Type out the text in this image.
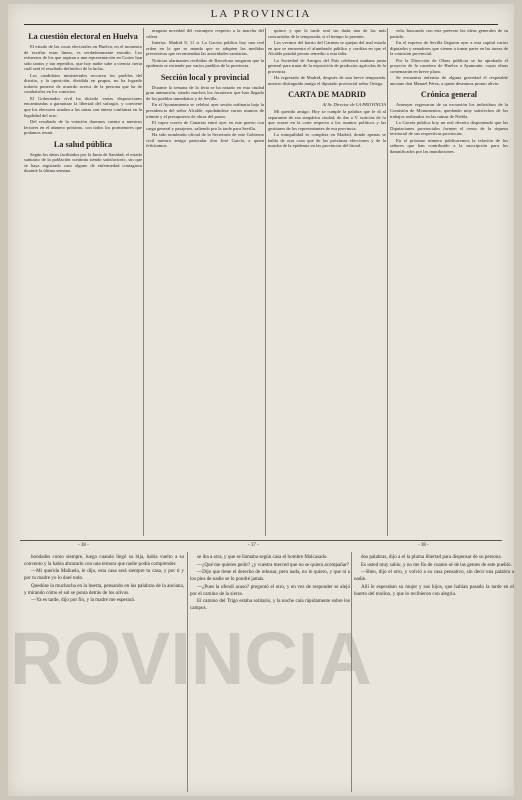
LA PROVINCIA
La cuestión electoral en Huelva

El estado de las cosas electorales en Huelva, en el momento de escribir estas líneas, es verdaderamente extraño. Los esfuerzos de los que aspiran a una representación en Cortes han sido tantos y tan repetidos, que hoy nadie sabe a ciencia cierta cuál será el resultado definitivo de la lucha.

Los candidatos ministeriales recorren los pueblos del distrito, y la oposición, dividida en grupos, no ha logrado todavía ponerse de acuerdo acerca de la persona que ha de combatirles en los comicios.

El Gobernador civil ha dictado varias disposiciones encaminadas a garantizar la libertad del sufragio, y conviene que los electores acudan a las urnas con entera confianza en la legalidad del acto.

Del resultado de la votación daremos cuenta a nuestros lectores en el número próximo, con todos los pormenores que podamos reunir.

La salud pública

Según los datos facilitados por la Junta de Sanidad, el estado sanitario de la población continúa siendo satisfactorio, sin que se haya registrado caso alguno de enfermedad contagiosa durante la última semana.

ninguna novedad del extranjero respecto a la marcha del cólera.

Interior. Madrid 8, 11 n. La Gaceta publica hoy una real orden en la que se manda que se adopten las medidas preventivas que recomiendan las autoridades sanitarias.

Noticias alarmantes recibidas de Barcelona aseguran que la epidemia se extiende por varios pueblos de la provincia.

Sección local y provincial

Durante la semana de la feria se ha notado en esta ciudad gran animación, siendo muchos los forasteros que han llegado de los pueblos inmediatos y de Sevilla.

En el Ayuntamiento se celebró ayer sesión ordinaria bajo la presidencia del señor Alcalde, aprobándose varios asuntos de trámite y el presupuesto de obras del paseo.

El vapor correo de Canarias entró ayer en este puerto con carga general y pasajeros, saliendo por la tarde para Sevilla.

Ha sido nombrado oficial de la Secretaría de este Gobierno civil nuestro amigo particular don José García, a quien felicitamos.

quince y que la tarde será sin duda una de las más concurridas de la temporada, si el tiempo lo permite.

Los vecinos del barrio del Carmen se quejan del mal estado en que se encuentra el alumbrado público y confían en que el Alcalde pondrá pronto remedio a esta falta.

La Sociedad de Amigos del País celebrará mañana junta general para tratar de la exposición de productos agrícolas de la provincia.

Ha regresado de Madrid, después de una breve temporada, nuestro distinguido amigo el diputado provincial señor Ortega.

CARTA DE MADRID

Al Sr. Director de LA PROVINCIA

Mi querido amigo: Hoy se cumple la palabra que le di al separarme de esa simpática ciudad, de dar a V. noticias de lo que ocurre en la corte respecto a los asuntos políticos y las gestiones de los representantes de esa provincia.

La tranquilidad es completa en Madrid, donde apenas se habla de otra cosa que de las próximas elecciones y de la marcha de la epidemia en las provincias del litoral.

vela, buscando con este pretexto las ideas generales de su partido.

En el expreso de Sevilla llegaron ayer a esta capital varios diputados y senadores que vienen a tomar parte en las tareas de la comisión provincial.

Por la Dirección de Obras públicas se ha aprobado el proyecto de la carretera de Huelva a Ayamonte, cuyas obras comenzarán en breve plazo.

Se encuentra enfermo de alguna gravedad el respetable anciano don Manuel Pérez, a quien deseamos pronto alivio.

Crónica general

Anteayer regresaron de su excursión los individuos de la Comisión de Monumentos, quedando muy satisfechos de los trabajos realizados en las ruinas de Niebla.

La Gaceta publica hoy un real decreto disponiendo que las Diputaciones provinciales formen el censo de la riqueza territorial de sus respectivas provincias.

En el próximo número publicaremos la relación de los señores que han contribuido a la suscripción para los damnificados por las inundaciones.

- 38 -	- 37 -	- 38 -
ROVINCIA

bondades como siempre, luego cuando llegó su hija, había vuelto a su convento y la había abrazado con una ternura que nadie podía comprender.

—Mi querida Mañuela, le dijo, esta casa será siempre tu casa, y por ti y por tu madre yo lo daré todo.

Quedóse la muchacha en la huerta, pensando en las palabras de la anciana, y mirando cómo el sol se ponía detrás de los olivos.

—Ya es tarde, dijo por fin, y la madre me esperará.

se iba a otra, y que se llamaba según casa el hombre Malcasado.

—¿Qué me quieres pedir? ¿y vuestra merced que no se quiera acompañar?

—Dijo que tiene el derecho de rehusar, pero nada, no lo quiero, y que ni a los pies de nadie se lo pondré jamás.

—¿Pues la ofendí acaso? preguntó el otro, y en vez de responder se alejó por el camino de la sierra.

El camino del Trigo estaba solitario, y la noche caía rápidamente sobre los campos.

dos palabras, dijo a el la pluma libertad para dispensar de su persona.

Es usted muy sabio, y no me fío de cuanto sé de las gentes de este pueblo.

—Bien, dijo el otro, y volvió a su casa pensativo, sin decir una palabra a nadie.

Allí le esperaban su mujer y sus hijos, que habían pasado la tarde en el huerto del molino, y que lo recibieron con alegría.
